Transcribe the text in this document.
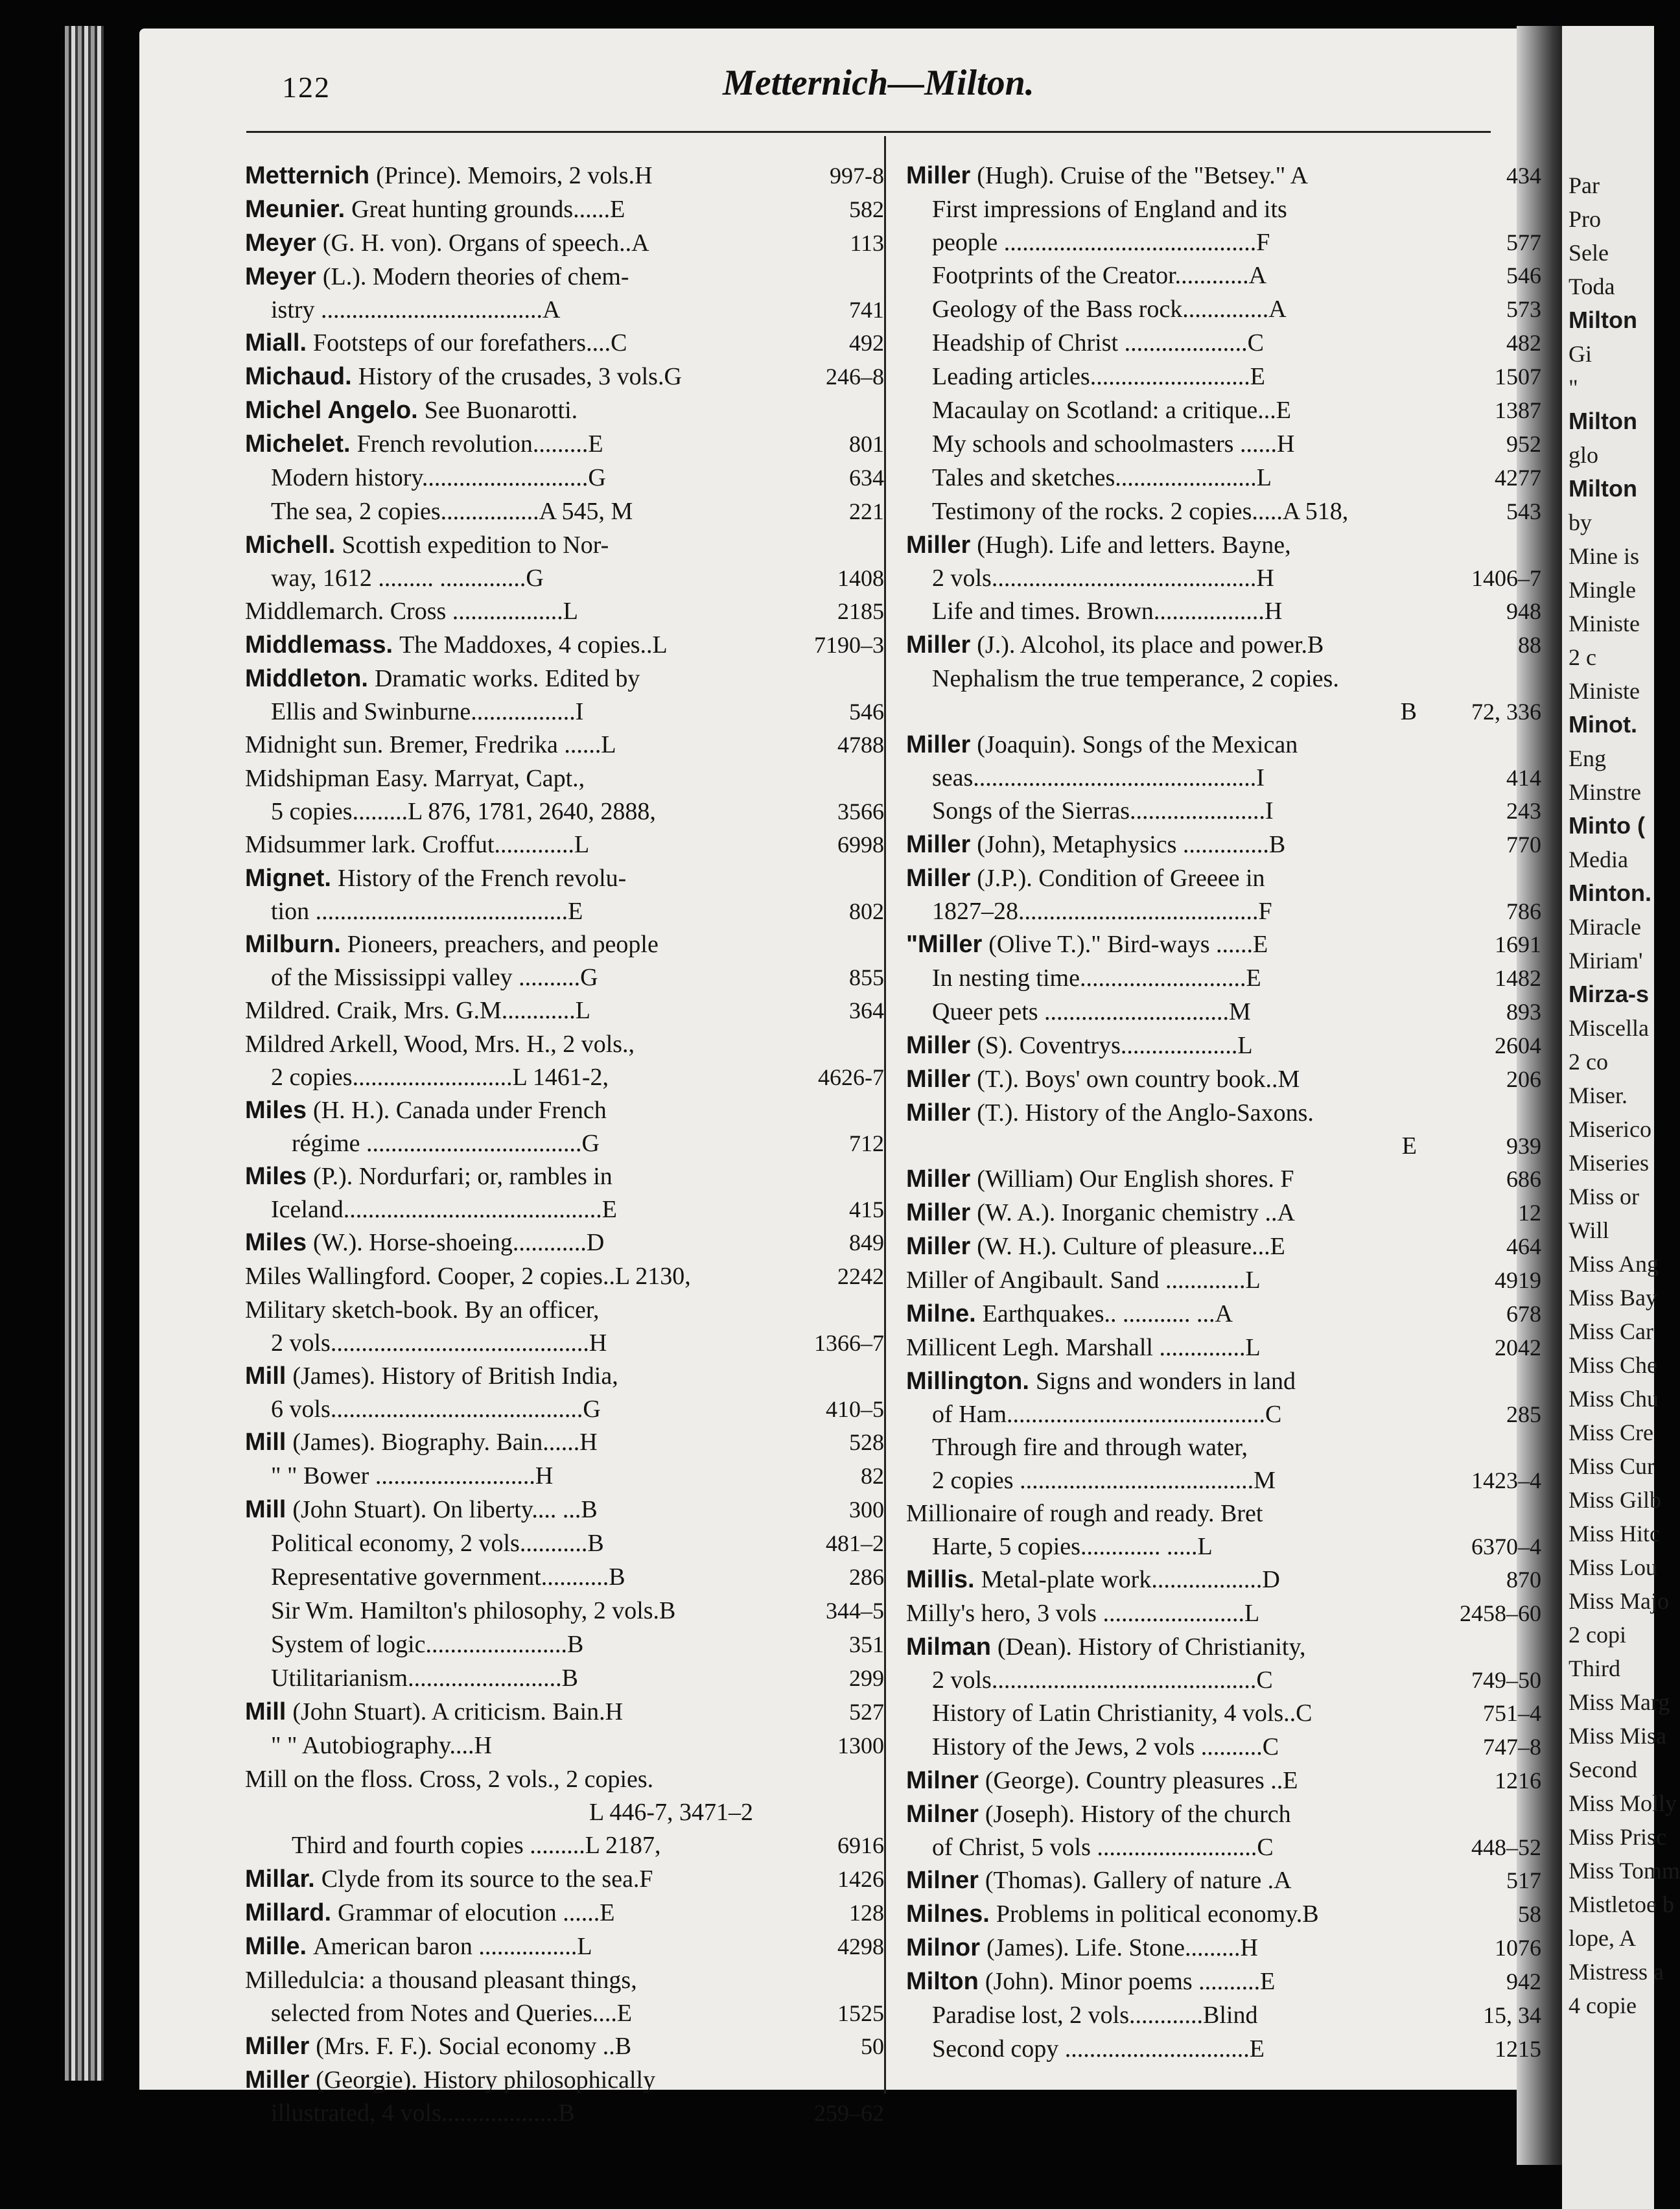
122	Metternich—Milton.
Metternich (Prince). Memoirs, 2 vols.H	997-8
Meunier. Great hunting grounds......E	582
Meyer (G. H. von). Organs of speech..A	113
Meyer (L.). Modern theories of chem-
istry ....................................A	741
Miall. Footsteps of our forefathers....C	492
Michaud. History of the crusades, 3 vols.G	246–8
Michel Angelo. See Buonarotti.
Michelet. French revolution.........E	801
Modern history...........................G	634
The sea, 2 copies................A 545, M	221
Michell. Scottish expedition to Nor-
way, 1612 ......... ..............G	1408
Middlemarch. Cross ..................L	2185
Middlemass. The Maddoxes, 4 copies..L	7190–3
Middleton. Dramatic works. Edited by
Ellis and Swinburne.................I	546
Midnight sun. Bremer, Fredrika ......L	4788
Midshipman Easy. Marryat, Capt.,
5 copies.........L 876, 1781, 2640, 2888,	3566
Midsummer lark. Croffut.............L	6998
Mignet. History of the French revolu-
tion .........................................E	802
Milburn. Pioneers, preachers, and people
of the Mississippi valley ..........G	855
Mildred. Craik, Mrs. G.M............L	364
Mildred Arkell, Wood, Mrs. H., 2 vols.,
2 copies..........................L 1461-2,	4626-7
Miles (H. H.). Canada under French
régime ...................................G	712
Miles (P.). Nordurfari; or, rambles in
Iceland..........................................E	415
Miles (W.). Horse-shoeing............D	849
Miles Wallingford. Cooper, 2 copies..L 2130,	2242
Military sketch-book. By an officer,
2 vols..........................................H	1366–7
Mill (James). History of British India,
6 vols.........................................G	410–5
Mill (James). Biography. Bain......H	528
" " Bower ..........................H	82
Mill (John Stuart). On liberty.... ...B	300
Political economy, 2 vols...........B	481–2
Representative government...........B	286
Sir Wm. Hamilton's philosophy, 2 vols.B	344–5
System of logic.......................B	351
Utilitarianism.........................B	299
Mill (John Stuart). A criticism. Bain.H	527
" " Autobiography....H	1300
Mill on the floss. Cross, 2 vols., 2 copies.
L 446-7, 3471–2
Third and fourth copies .........L 2187,	6916
Millar. Clyde from its source to the sea.F	1426
Millard. Grammar of elocution ......E	128
Mille. American baron ................L	4298
Milledulcia: a thousand pleasant things,
selected from Notes and Queries....E	1525
Miller (Mrs. F. F.). Social economy ..B	50
Miller (Georgie). History philosophically
illustrated, 4 vols...................B	259–62
Miller (Hugh). Cruise of the "Betsey." A	434
First impressions of England and its
people .........................................F	577
Footprints of the Creator............A	546
Geology of the Bass rock..............A	573
Headship of Christ ....................C	482
Leading articles..........................E	1507
Macaulay on Scotland: a critique...E	1387
My schools and schoolmasters ......H	952
Tales and sketches.......................L	4277
Testimony of the rocks. 2 copies.....A 518,	543
Miller (Hugh). Life and letters. Bayne,
2 vols...........................................H	1406–7
Life and times. Brown..................H	948
Miller (J.). Alcohol, its place and power.B	88
Nephalism the true temperance, 2 copies.
B	72, 336
Miller (Joaquin). Songs of the Mexican
seas..............................................I	414
Songs of the Sierras......................I	243
Miller (John), Metaphysics ..............B	770
Miller (J.P.). Condition of Greeee in
1827–28.......................................F	786
"Miller (Olive T.)." Bird-ways ......E	1691
In nesting time...........................E	1482
Queer pets ..............................M	893
Miller (S). Coventrys...................L	2604
Miller (T.). Boys' own country book..M	206
Miller (T.). History of the Anglo-Saxons.
E	939
Miller (William) Our English shores. F	686
Miller (W. A.). Inorganic chemistry ..A	12
Miller (W. H.). Culture of pleasure...E	464
Miller of Angibault. Sand .............L	4919
Milne. Earthquakes.. ........... ...A	678
Millicent Legh. Marshall ..............L	2042
Millington. Signs and wonders in land
of Ham..........................................C	285
Through fire and through water,
2 copies ......................................M	1423–4
Millionaire of rough and ready. Bret
Harte, 5 copies............. .....L	6370–4
Millis. Metal-plate work..................D	870
Milly's hero, 3 vols .......................L	2458–60
Milman (Dean). History of Christianity,
2 vols...........................................C	749–50
History of Latin Christianity, 4 vols..C	751–4
History of the Jews, 2 vols ..........C	747–8
Milner (George). Country pleasures ..E	1216
Milner (Joseph). History of the church
of Christ, 5 vols ..........................C	448–52
Milner (Thomas). Gallery of nature .A	517
Milnes. Problems in political economy.B	58
Milnor (James). Life. Stone.........H	1076
Milton (John). Minor poems ..........E	942
Paradise lost, 2 vols............Blind	15, 34
Second copy ..............................E	1215
Par
Pro
Sele
Toda
Milton
Gi
"
Milton
glo
Milton
by
Mine is
Mingle
Ministe
2 c
Ministe
Minot.
Eng
Minstre
Minto (
Media
Minton.
Miracle
Miriam'
Mirza-s
Miscella
2 co
Miser.
Miserico
Miseries
Miss or
Will
Miss Ang
Miss Bay
Miss Car
Miss Che
Miss Chu
Miss Cre
Miss Cur
Miss Gilb
Miss Hitc
Miss Lou
Miss Majo
2 copi
Third
Miss Marg
Miss Misa
Second
Miss Molly
Miss Prisc
Miss Tomm
Mistletoe b
lope, A
Mistress a
4 copie
